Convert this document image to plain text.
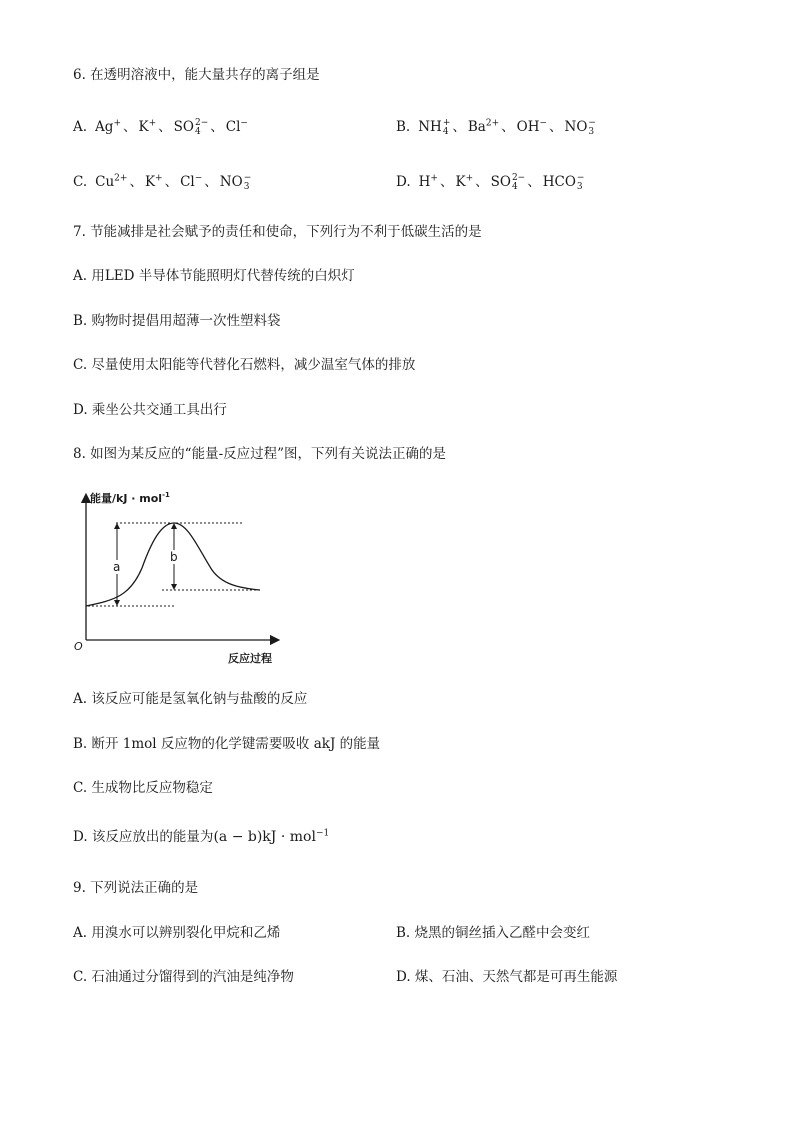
6. 在透明溶液中，能大量共存的离子组是
A. Ag+ 、 K+ 、 SO 2−
4 、 Cl−	B. NH +
4 、 $Ba^{2+}$ 、 OH− 、 NO −
3
C. $Cu^{2+}$ 、 K+ 、 Cl− 、 NO −
3	D. H+ 、 K+ 、 SO 2−
4 、 HCO −
3
7. 节能减排是社会赋予的责任和使命，下列行为不利于低碳生活的是
A. 用LED 半导体节能照明灯代替传统的白炽灯
B. 购物时提倡用超薄一次性塑料袋
C. 尽量使用太阳能等代替化石燃料，减少温室气体的排放
D. 乘坐公共交通工具出行
8. 如图为某反应的“能量-反应过程”图，下列有关说法正确的是
能量/kJ · mol$^{-1}$
反应过程
O
a
b
A. 该反应可能是氢氧化钠与盐酸的反应
B. 断开 1mol 反应物的化学键需要吸收 akJ 的能量
C. 生成物比反应物稳定
D. 该反应放出的能量为(a − b)kJ · mol$^{-1}$
9. 下列说法正确的是
A. 用溴水可以辨别裂化甲烷和乙烯	B. 烧黑的铜丝插入乙醛中会变红
C. 石油通过分馏得到的汽油是纯净物	D. 煤、石油、天然气都是可再生能源
